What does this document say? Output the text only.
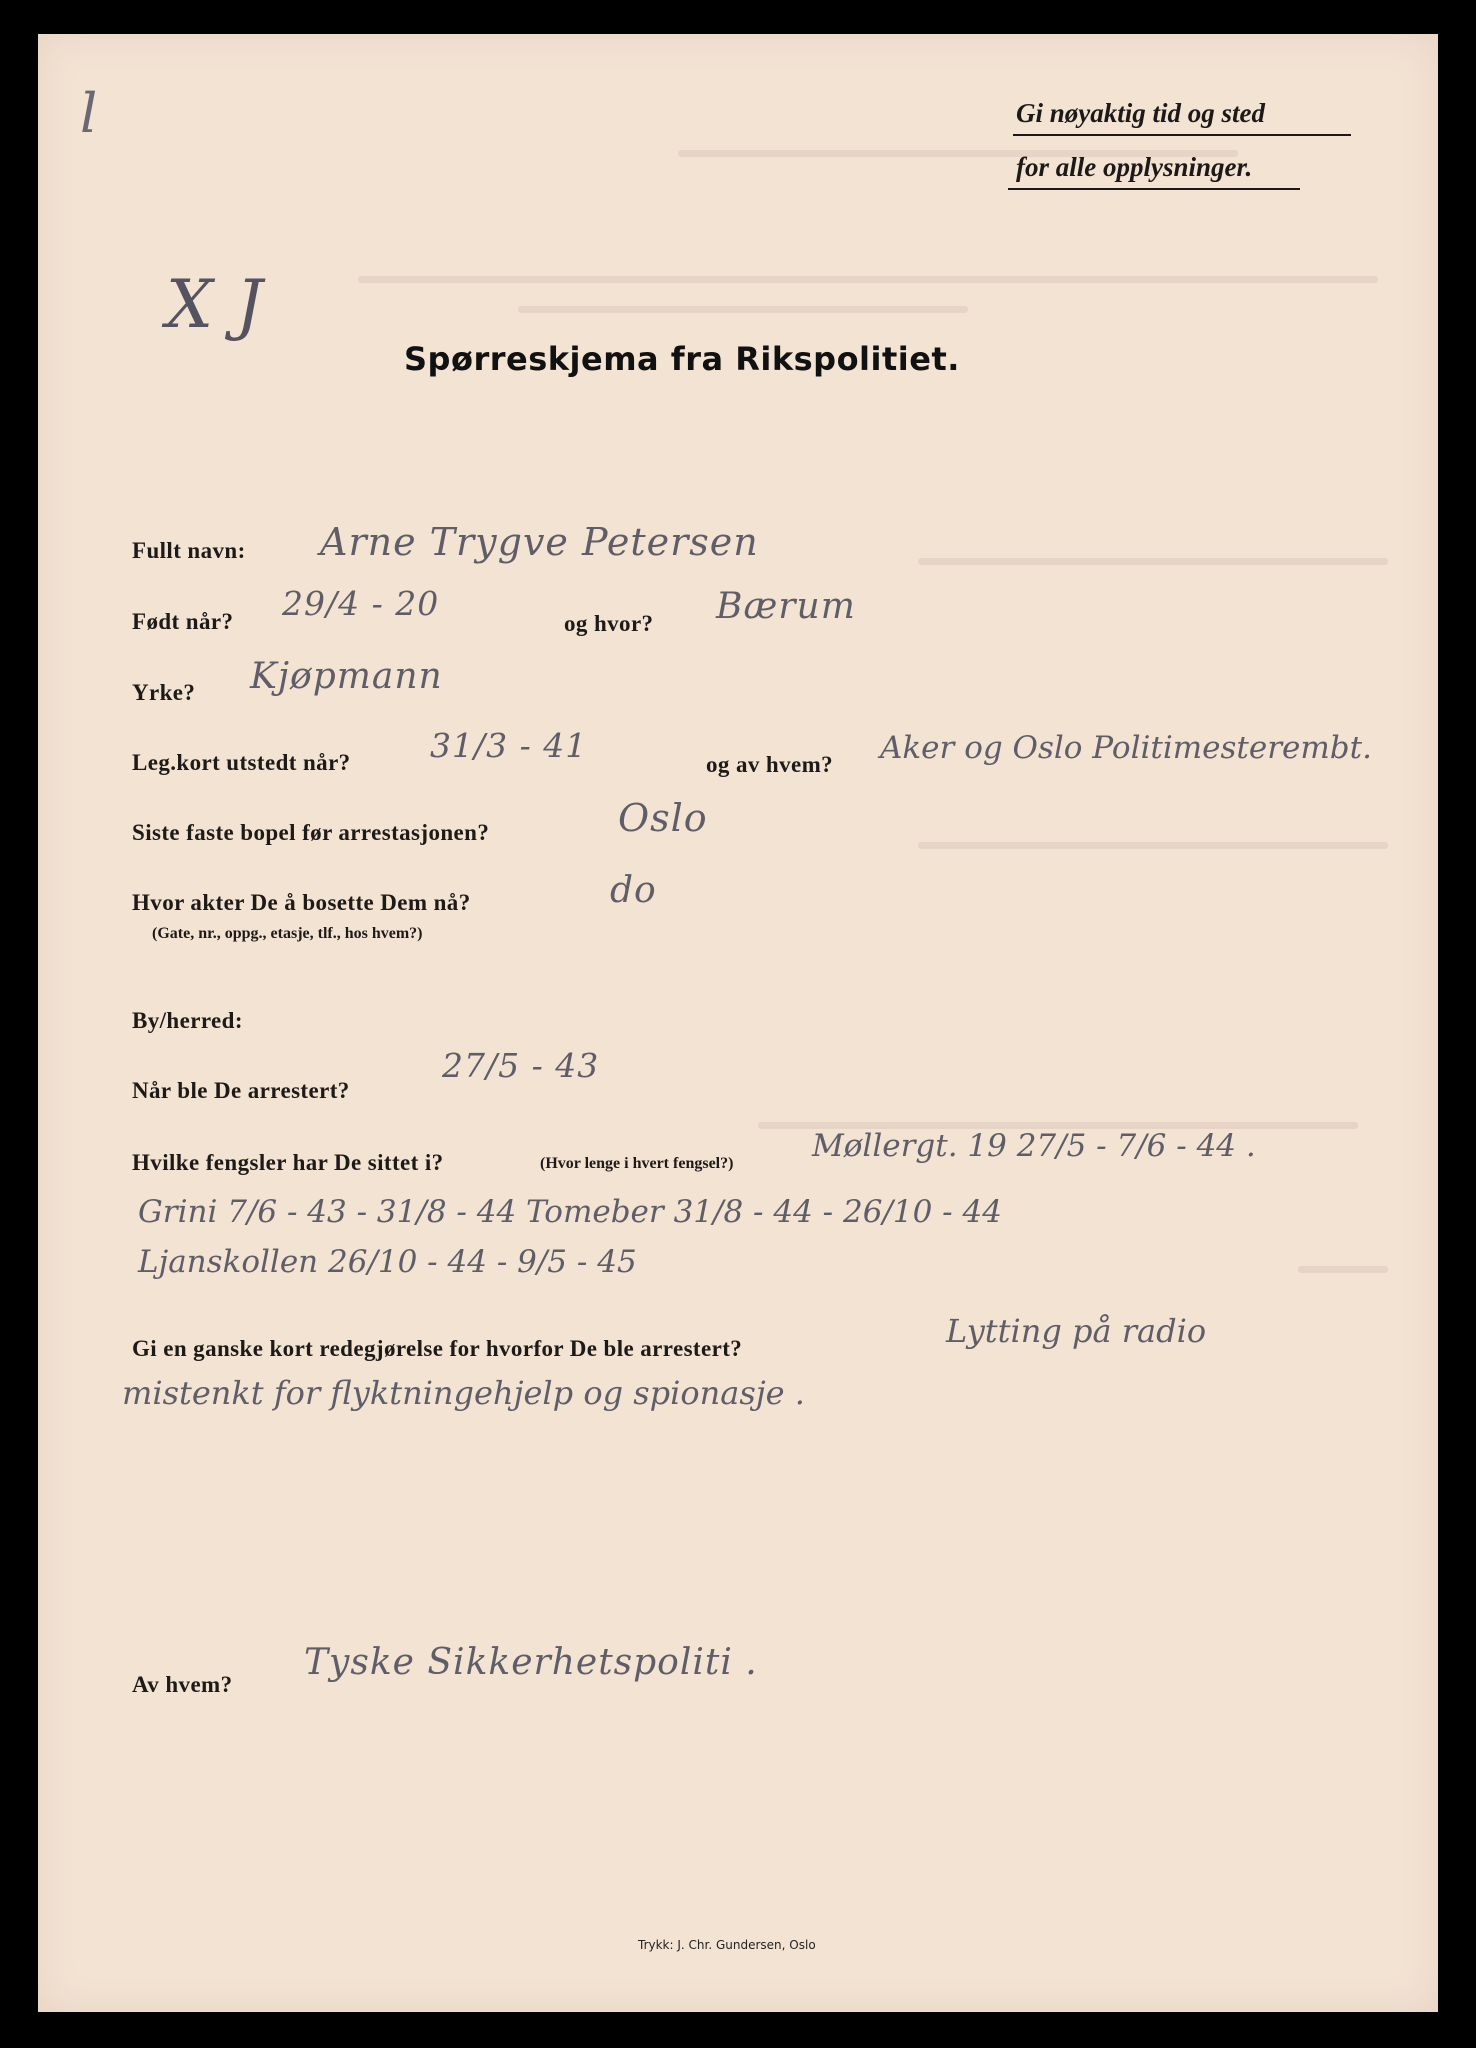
l
X J
Gi nøyaktig tid og sted
for alle opplysninger.
Spørreskjema fra Rikspolitiet.
Fullt navn: Arne Trygve Petersen
Født når? 29/4 - 20
og hvor? Bærum
Yrke? Kjøpmann
Leg.kort utstedt når? 31/3 - 41	og av hvem? Aker og Oslo Politimesterembt.
Siste faste bopel før arrestasjonen?	Oslo
Hvor akter De å bosette Dem nå?
(Gate, nr., oppg., etasje, tlf., hos hvem?)
do
By/herred:
Når ble De arrestert?
27/5 - 43
Hvilke fengsler har De sittet i?	(Hvor lenge i hvert fengsel?)	Møllergt. 19 27/5 - 7/6 - 44 .
Grini 7/6 - 43 - 31/8 - 44 Tomeber 31/8 - 44 - 26/10 - 44
Ljanskollen 26/10 - 44 - 9/5 - 45
Gi en ganske kort redegjørelse for hvorfor De ble arrestert?	Lytting på radio
mistenkt for flyktningehjelp og spionasje .
Av hvem?
Tyske Sikkerhetspoliti .
Trykk: J. Chr. Gundersen, Oslo
